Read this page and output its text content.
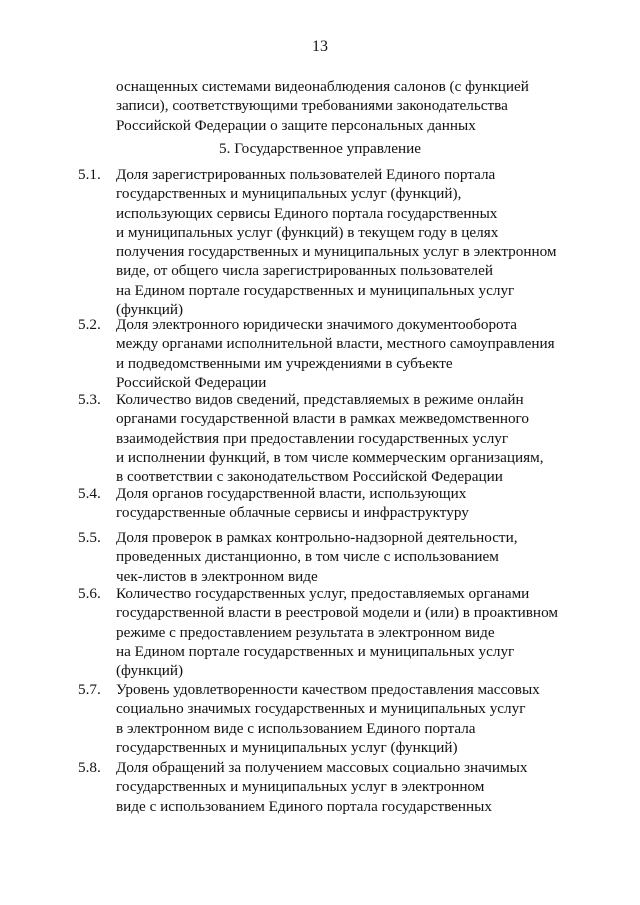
13
оснащенных системами видеонаблюдения салонов (с функцией
записи), соответствующими требованиями законодательства
Российской Федерации о защите персональных данных
5. Государственное управление
5.1. Доля зарегистрированных пользователей Единого портала
государственных и муниципальных услуг (функций),
использующих сервисы Единого портала государственных
и муниципальных услуг (функций) в текущем году в целях
получения государственных и муниципальных услуг в электронном
виде, от общего числа зарегистрированных пользователей
на Едином портале государственных и муниципальных услуг
(функций)
5.2. Доля электронного юридически значимого документооборота
между органами исполнительной власти, местного самоуправления
и подведомственными им учреждениями в субъекте
Российской Федерации
5.3. Количество видов сведений, представляемых в режиме онлайн
органами государственной власти в рамках межведомственного
взаимодействия при предоставлении государственных услуг
и исполнении функций, в том числе коммерческим организациям,
в соответствии с законодательством Российской Федерации
5.4. Доля органов государственной власти, использующих
государственные облачные сервисы и инфраструктуру
5.5. Доля проверок в рамках контрольно-надзорной деятельности,
проведенных дистанционно, в том числе с использованием
чек-листов в электронном виде
5.6. Количество государственных услуг, предоставляемых органами
государственной власти в реестровой модели и (или) в проактивном
режиме с предоставлением результата в электронном виде
на Едином портале государственных и муниципальных услуг
(функций)
5.7. Уровень удовлетворенности качеством предоставления массовых
социально значимых государственных и муниципальных услуг
в электронном виде с использованием Единого портала
государственных и муниципальных услуг (функций)
5.8. Доля обращений за получением массовых социально значимых
государственных и муниципальных услуг в электронном
виде с использованием Единого портала государственных
